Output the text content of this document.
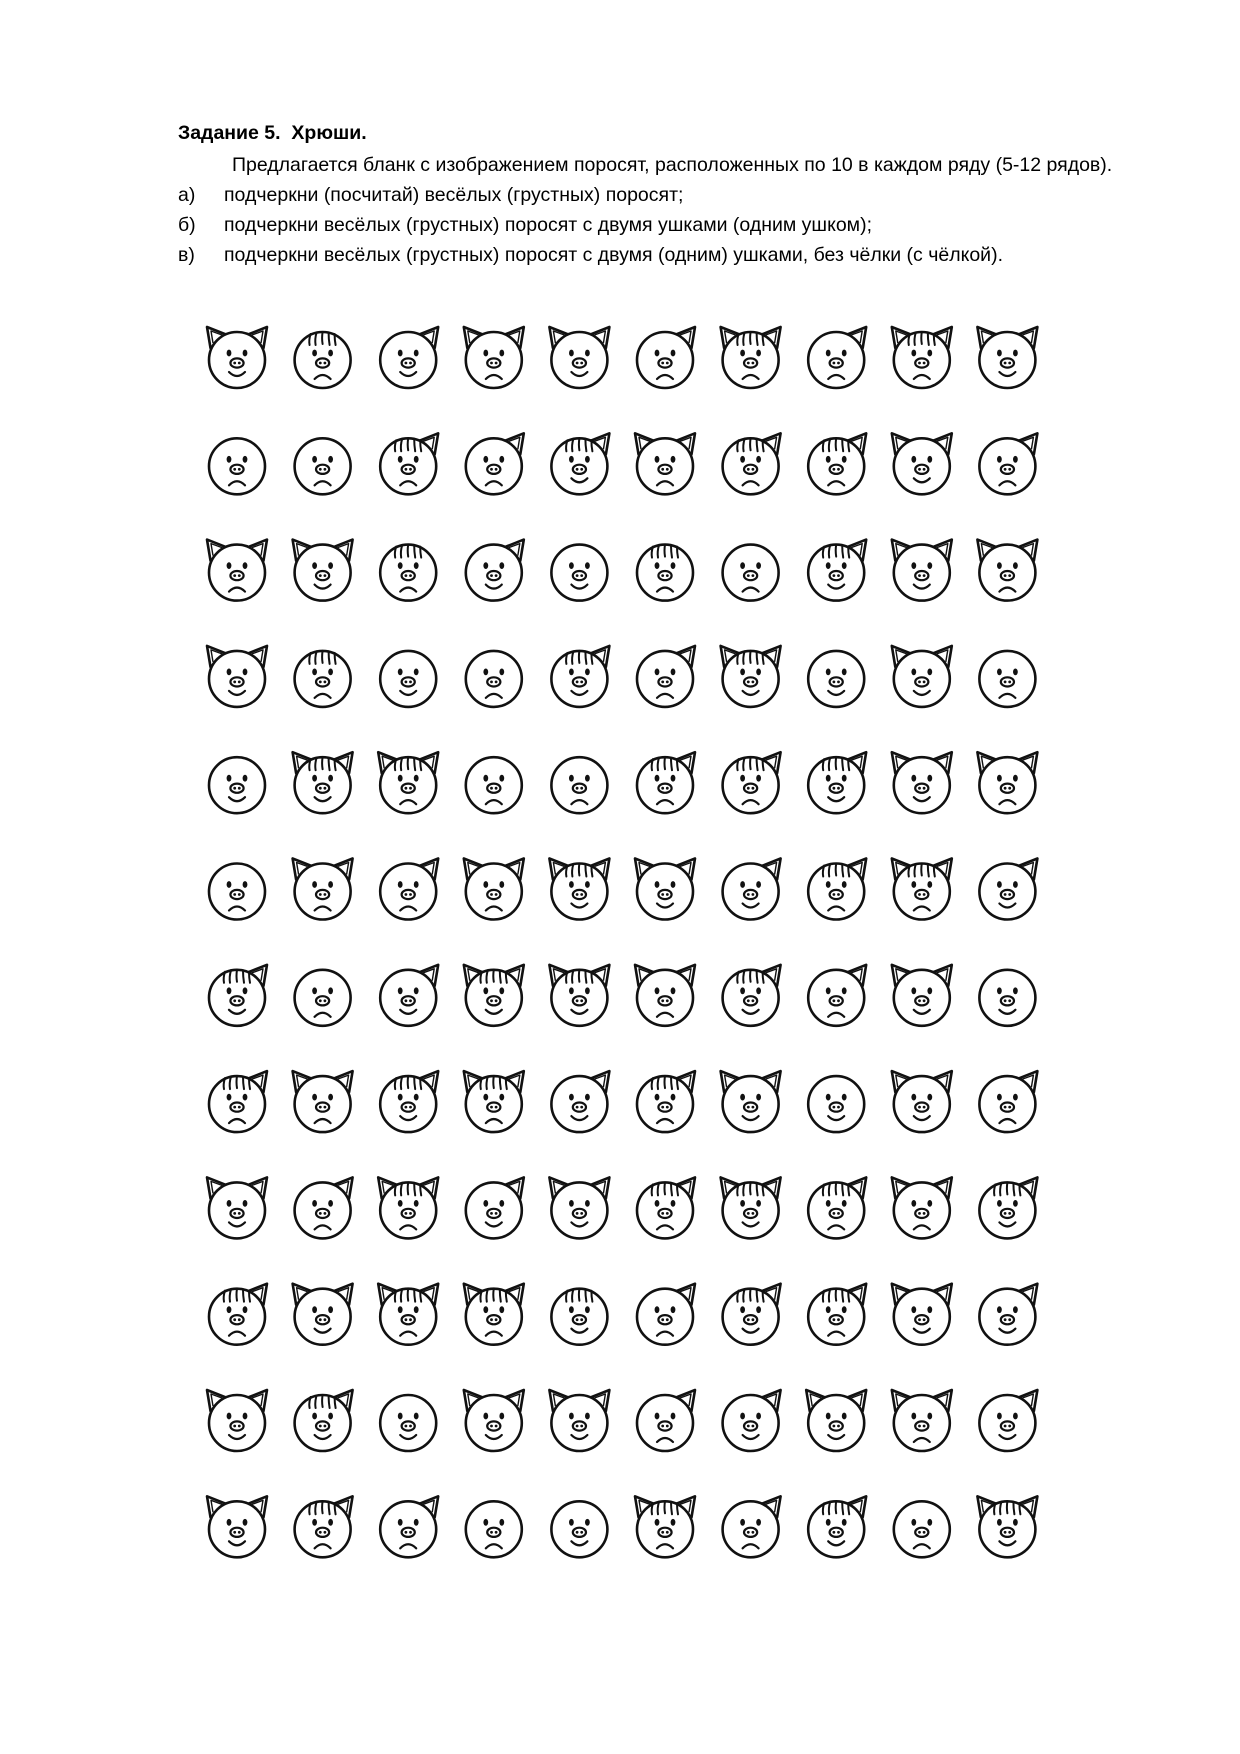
Задание 5. Хрюши.

Предлагается бланк с изображением поросят, расположенных по 10 в каждом ряду (5-12 рядов).

а)	подчеркни (посчитай) весёлых (грустных) поросят;

б)	подчеркни весёлых (грустных) поросят с двумя ушками (одним ушком);

в)	подчеркни весёлых (грустных) поросят с двумя (одним) ушками, без чёлки (с чёлкой).
